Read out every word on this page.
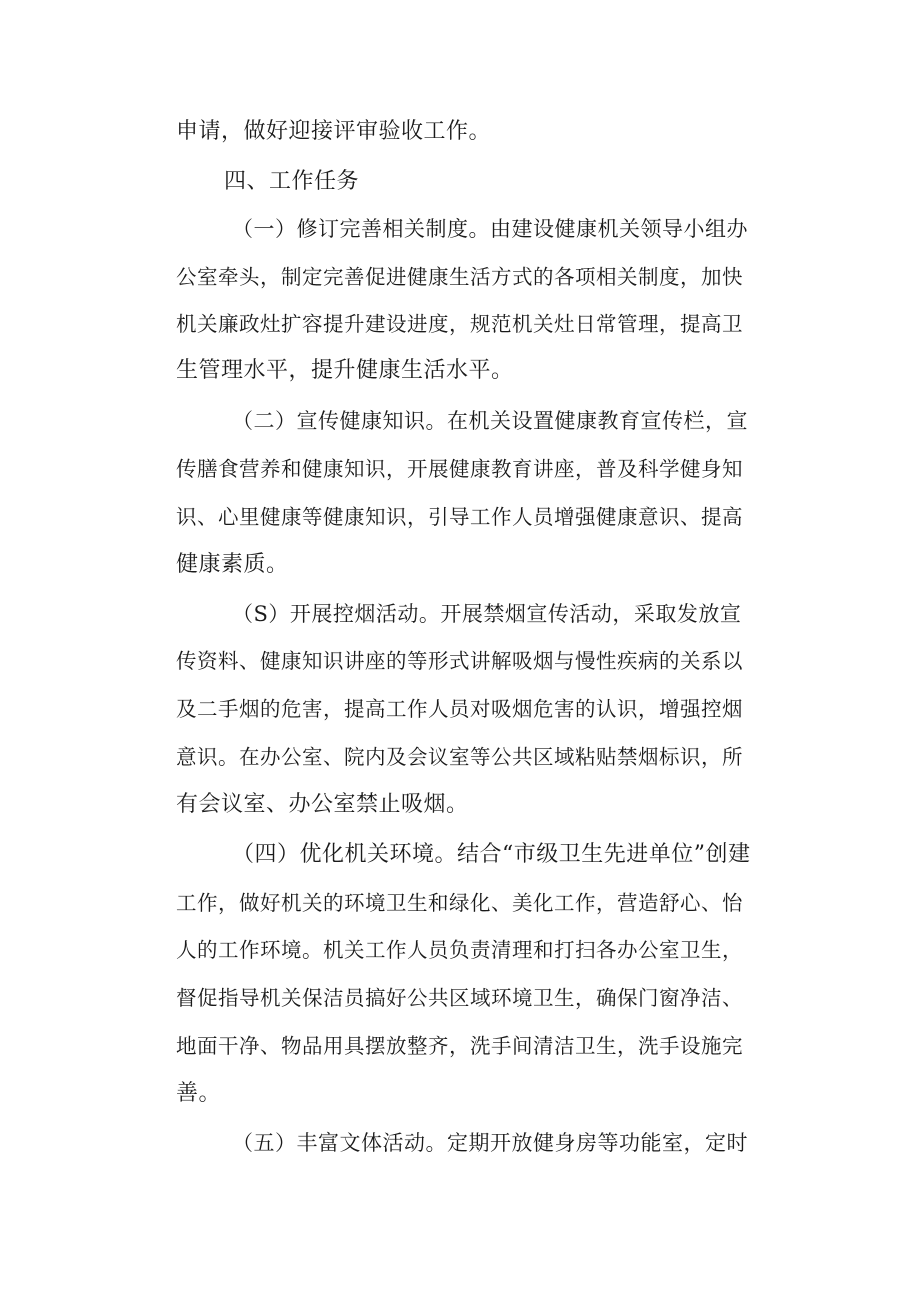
申请，做好迎接评审验收工作。
四、工作任务
（一）修订完善相关制度。由建设健康机关领导小组办
公室牵头，制定完善促进健康生活方式的各项相关制度，加快
机关廉政灶扩容提升建设进度，规范机关灶日常管理，提高卫
生管理水平，提升健康生活水平。
（二）宣传健康知识。在机关设置健康教育宣传栏，宣
传膳食营养和健康知识，开展健康教育讲座，普及科学健身知
识、心里健康等健康知识，引导工作人员增强健康意识、提高
健康素质。
（S）开展控烟活动。开展禁烟宣传活动，采取发放宣
传资料、健康知识讲座的等形式讲解吸烟与慢性疾病的关系以
及二手烟的危害，提高工作人员对吸烟危害的认识，增强控烟
意识。在办公室、院内及会议室等公共区域粘贴禁烟标识，所
有会议室、办公室禁止吸烟。
（四）优化机关环境。结合“市级卫生先进单位”创建
工作，做好机关的环境卫生和绿化、美化工作，营造舒心、怡
人的工作环境。机关工作人员负责清理和打扫各办公室卫生，
督促指导机关保洁员搞好公共区域环境卫生，确保门窗净洁、
地面干净、物品用具摆放整齐，洗手间清洁卫生，洗手设施完
善。
（五）丰富文体活动。定期开放健身房等功能室，定时
